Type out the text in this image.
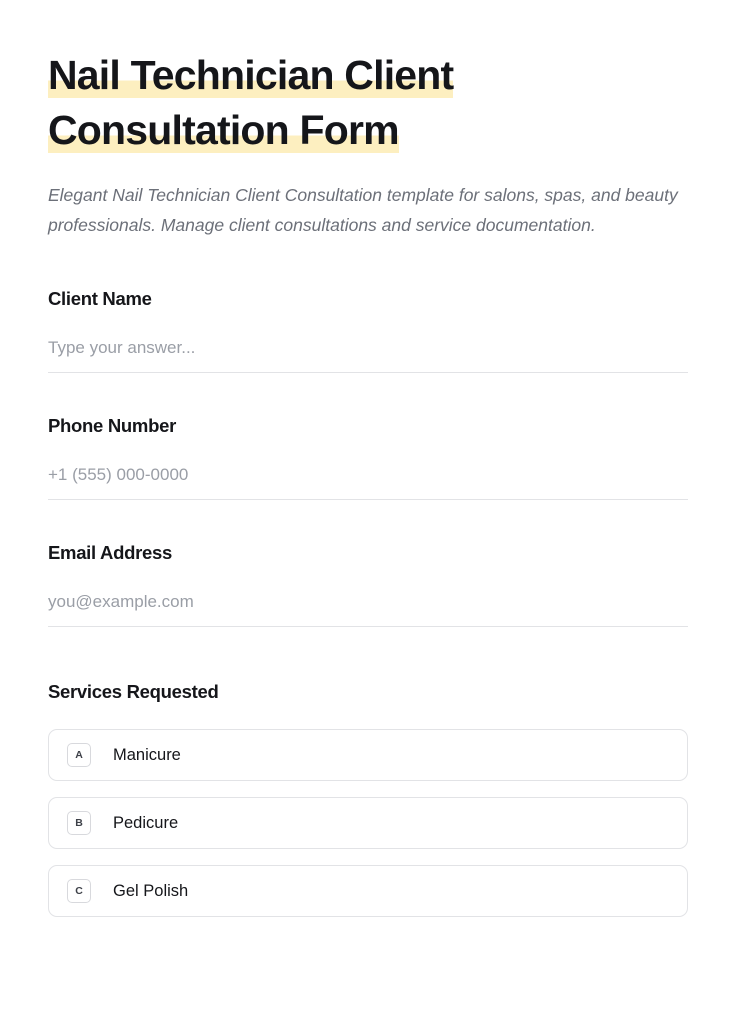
Nail Technician Client
Consultation Form

Elegant Nail Technician Client Consultation template for salons, spas, and beauty professionals. Manage client consultations and service documentation.

Client Name
Type your answer...
Phone Number
+1 (555) 000-0000
Email Address
you@example.com
Services Requested
A	Manicure
B	Pedicure
C	Gel Polish
